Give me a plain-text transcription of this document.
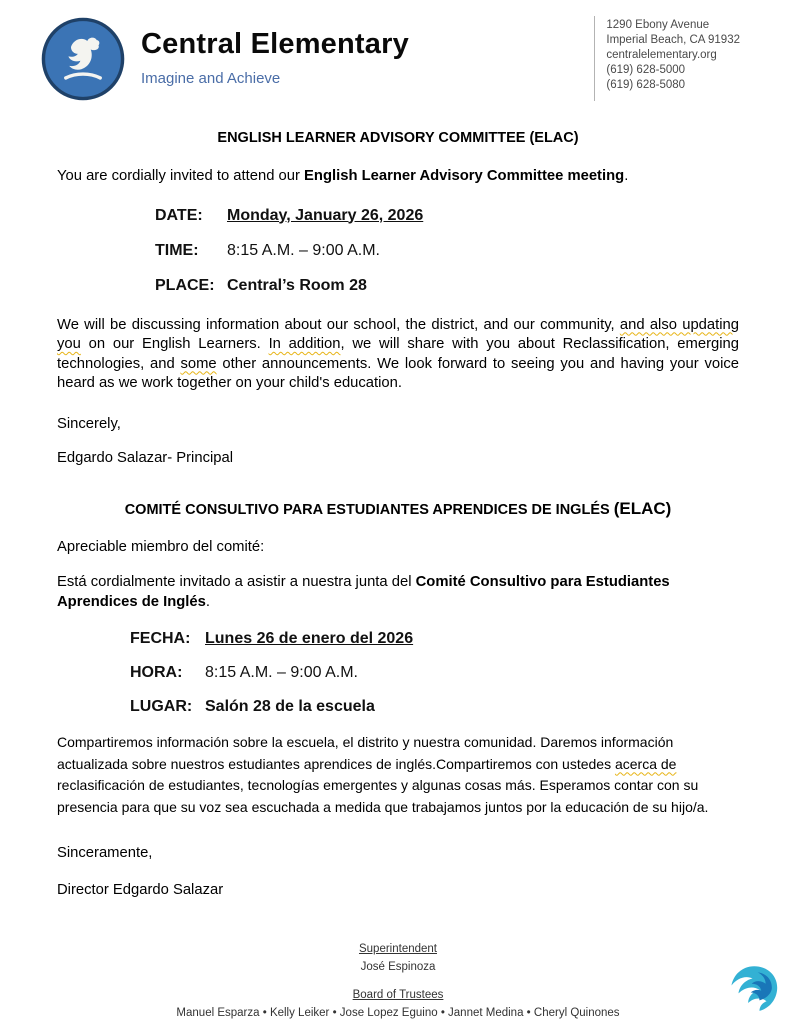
Central Elementary
Imagine and Achieve
1290 Ebony Avenue
Imperial Beach, CA 91932
centralelementary.org
(619) 628-5000
(619) 628-5080
ENGLISH LEARNER ADVISORY COMMITTEE (ELAC)

You are cordially invited to attend our English Learner Advisory Committee meeting.

DATE:	Monday, January 26, 2026
TIME:	8:15 A.M. – 9:00 A.M.
PLACE: Central’s Room 28

We will be discussing information about our school, the district, and our community, and also updating you on our English Learners. In addition, we will share with you about Reclassification, emerging technologies, and some other announcements. We look forward to seeing you and having your voice heard as we work together on your child's education.

Sincerely,

Edgardo Salazar- Principal

COMITÉ CONSULTIVO PARA ESTUDIANTES APRENDICES DE INGLÉS (ELAC)

Apreciable miembro del comité:

Está cordialmente invitado a asistir a nuestra junta del Comité Consultivo para Estudiantes Aprendices de Inglés.

FECHA: Lunes 26 de enero del 2026
HORA:	8:15 A.M. – 9:00 A.M.
LUGAR: Salón 28 de la escuela

Compartiremos información sobre la escuela, el distrito y nuestra comunidad. Daremos información actualizada sobre nuestros estudiantes aprendices de inglés.Compartiremos con ustedes acerca de reclasificación de estudiantes, tecnologías emergentes y algunas cosas más. Esperamos contar con su presencia para que su voz sea escuchada a medida que trabajamos juntos por la educación de su hijo/a.

Sinceramente,

Director Edgardo Salazar

Superintendent
José Espinoza
Board of Trustees
Manuel Esparza • Kelly Leiker • Jose Lopez Eguino • Jannet Medina • Cheryl Quinones
